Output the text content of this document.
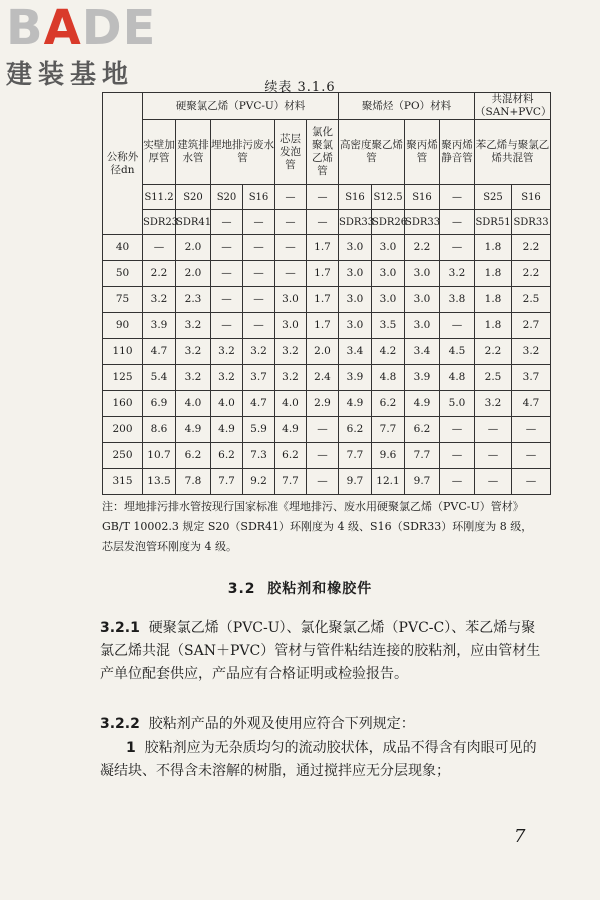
BADE
建装基地	续表 3.1.6
公称外径dn	硬聚氯乙烯（PVC-U）材料						聚烯烃（PO）材料				共混材料（SAN+PVC）	
	实壁加厚管	建筑排水管	埋地排污废水管		芯层发泡管	氯化聚氯乙烯管	高密度聚乙烯管		聚丙烯管	聚丙烯静音管	苯乙烯与聚氯乙烯共混管	
	S11.2	S20	S20	S16	—	—	S16	S12.5	S16	—	S25	S16
	SDR23	SDR41	—	—	—	—	SDR33	SDR26	SDR33	—	SDR51	SDR33
40	—	2.0	—	—	—	1.7	3.0	3.0	2.2	—	1.8	2.2
50	2.2	2.0	—	—	—	1.7	3.0	3.0	3.0	3.2	1.8	2.2
75	3.2	2.3	—	—	3.0	1.7	3.0	3.0	3.0	3.8	1.8	2.5
90	3.9	3.2	—	—	3.0	1.7	3.0	3.5	3.0	—	1.8	2.7
110	4.7	3.2	3.2	3.2	3.2	2.0	3.4	4.2	3.4	4.5	2.2	3.2
125	5.4	3.2	3.2	3.7	3.2	2.4	3.9	4.8	3.9	4.8	2.5	3.7
160	6.9	4.0	4.0	4.7	4.0	2.9	4.9	6.2	4.9	5.0	3.2	4.7
200	8.6	4.9	4.9	5.9	4.9	—	6.2	7.7	6.2	—	—	—
250	10.7	6.2	6.2	7.3	6.2	—	7.7	9.6	7.7	—	—	—
315	13.5	7.8	7.7	9.2	7.7	—	9.7	12.1	9.7	—	—	—
注：埋地排污排水管按现行国家标准《埋地排污、废水用硬聚氯乙烯（PVC-U）管材》GB/T 10002.3 规定 S20（SDR41）环刚度为 4 级、S16（SDR33）环刚度为 8 级，芯层发泡管环刚度为 4 级。
3.2 胶粘剂和橡胶件
3.2.1 硬聚氯乙烯（PVC-U）、氯化聚氯乙烯（PVC-C）、苯乙烯与聚氯乙烯共混（SAN＋PVC）管材与管件粘结连接的胶粘剂，应由管材生产单位配套供应，产品应有合格证明或检验报告。
3.2.2 胶粘剂产品的外观及使用应符合下列规定：
1 胶粘剂应为无杂质均匀的流动胶状体，成品不得含有肉眼可见的凝结块、不得含未溶解的树脂，通过搅拌应无分层现象；
7
